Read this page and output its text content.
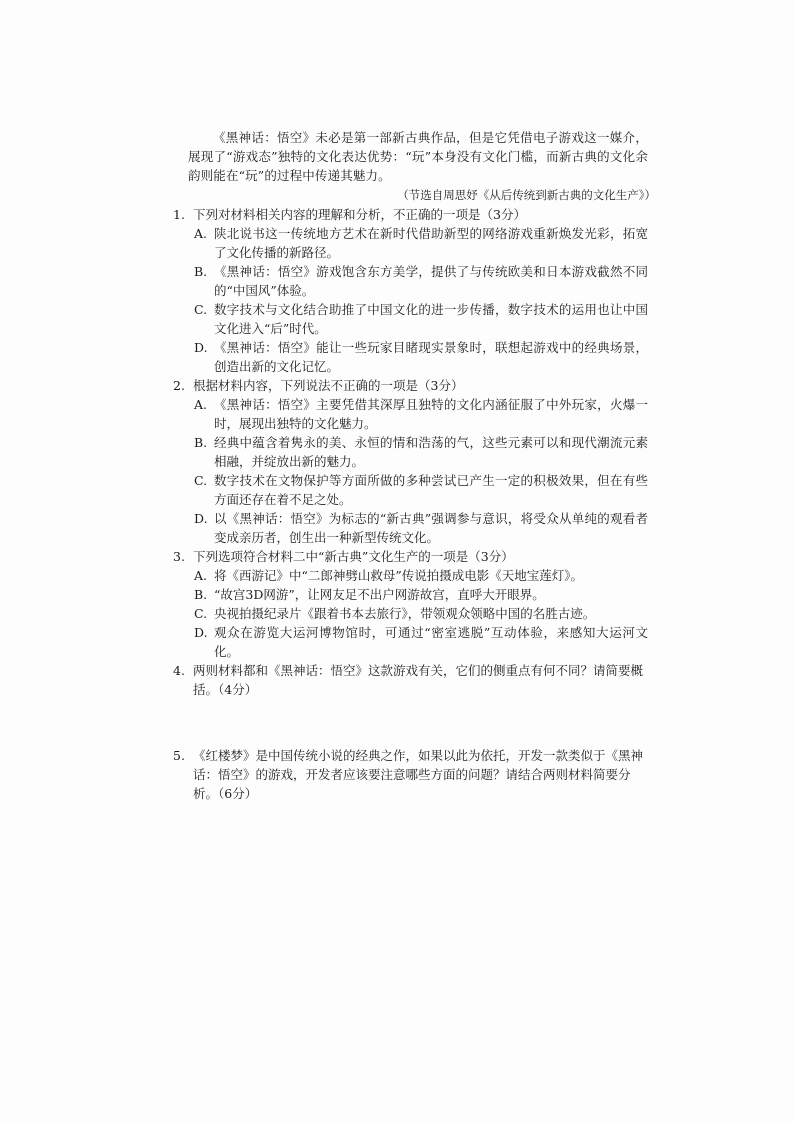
《黑神话：悟空》未必是第一部新古典作品，但是它凭借电子游戏这一媒介，展现了“游戏态”独特的文化表达优势：“玩”本身没有文化门槛，而新古典的文化余韵则能在“玩”的过程中传递其魅力。

（节选自周思妤《从后传统到新古典的文化生产》）
1. 下列对材料相关内容的理解和分析，不正确的一项是（3分）
A. 陕北说书这一传统地方艺术在新时代借助新型的网络游戏重新焕发光彩，拓宽了文化传播的新路径。
B. 《黑神话：悟空》游戏饱含东方美学，提供了与传统欧美和日本游戏截然不同的“中国风”体验。
C. 数字技术与文化结合助推了中国文化的进一步传播，数字技术的运用也让中国文化进入“后”时代。
D. 《黑神话：悟空》能让一些玩家目睹现实景象时，联想起游戏中的经典场景，创造出新的文化记忆。
2. 根据材料内容，下列说法不正确的一项是（3分）
A. 《黑神话：悟空》主要凭借其深厚且独特的文化内涵征服了中外玩家，火爆一时，展现出独特的文化魅力。
B. 经典中蕴含着隽永的美、永恒的情和浩荡的气，这些元素可以和现代潮流元素相融，并绽放出新的魅力。
C. 数字技术在文物保护等方面所做的多种尝试已产生一定的积极效果，但在有些方面还存在着不足之处。
D. 以《黑神话：悟空》为标志的“新古典”强调参与意识，将受众从单纯的观看者变成亲历者，创生出一种新型传统文化。
3. 下列选项符合材料二中“新古典”文化生产的一项是（3分）
A. 将《西游记》中“二郎神劈山救母”传说拍摄成电影《天地宝莲灯》。
B. “故宫3D网游”，让网友足不出户网游故宫，直呼大开眼界。
C. 央视拍摄纪录片《跟着书本去旅行》，带领观众领略中国的名胜古迹。
D. 观众在游览大运河博物馆时，可通过“密室逃脱”互动体验，来感知大运河文化。
4. 两则材料都和《黑神话：悟空》这款游戏有关，它们的侧重点有何不同？请简要概括。（4分）
5. 《红楼梦》是中国传统小说的经典之作，如果以此为依托，开发一款类似于《黑神话：悟空》的游戏，开发者应该要注意哪些方面的问题？请结合两则材料简要分析。（6分）
